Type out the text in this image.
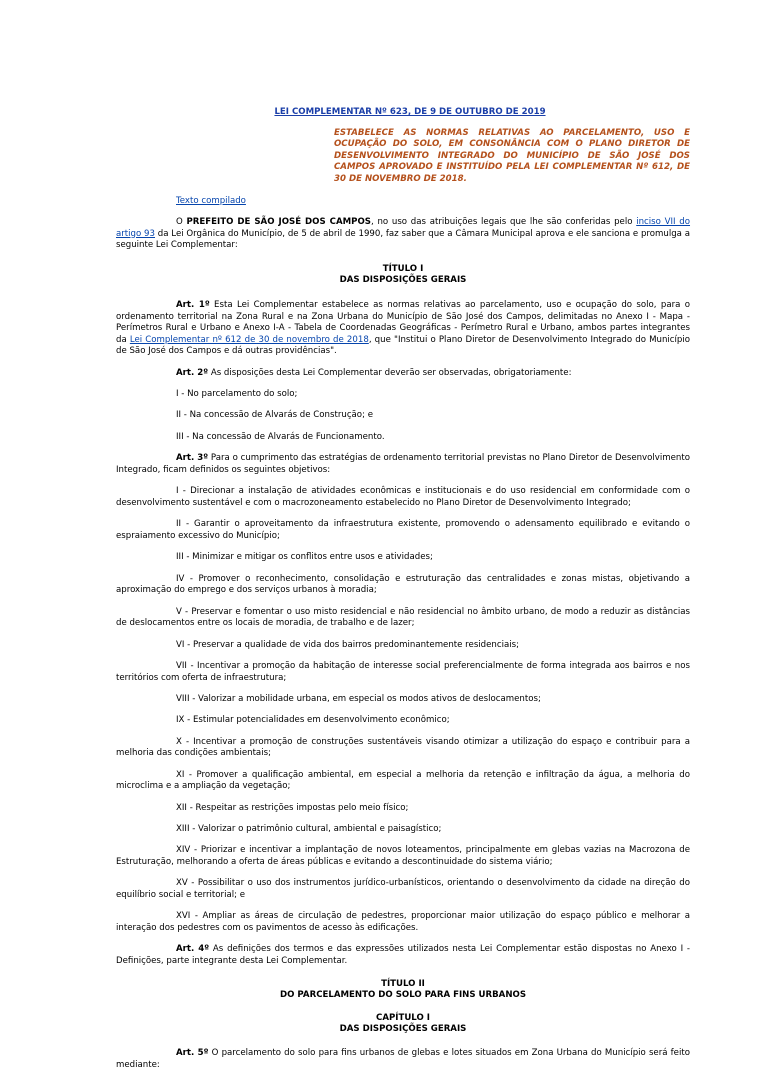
LEI COMPLEMENTAR Nº 623, DE 9 DE OUTUBRO DE 2019

ESTABELECE AS NORMAS RELATIVAS AO PARCELAMENTO, USO E OCUPAÇÃO DO SOLO, EM CONSONÂNCIA COM O PLANO DIRETOR DE DESENVOLVIMENTO INTEGRADO DO MUNICÍPIO DE SÃO JOSÉ DOS CAMPOS APROVADO E INSTITUÍDO PELA LEI COMPLEMENTAR Nº 612, DE 30 DE NOVEMBRO DE 2018.

Texto compilado

O PREFEITO DE SÃO JOSÉ DOS CAMPOS, no uso das atribuições legais que lhe são conferidas pelo inciso VII do artigo 93 da Lei Orgânica do Município, de 5 de abril de 1990, faz saber que a Câmara Municipal aprova e ele sanciona e promulga a seguinte Lei Complementar:

TÍTULO I

DAS DISPOSIÇÕES GERAIS

Art. 1º Esta Lei Complementar estabelece as normas relativas ao parcelamento, uso e ocupação do solo, para o ordenamento territorial na Zona Rural e na Zona Urbana do Município de São José dos Campos, delimitadas no Anexo I - Mapa - Perímetros Rural e Urbano e Anexo I-A - Tabela de Coordenadas Geográficas - Perímetro Rural e Urbano, ambos partes integrantes da Lei Complementar nº 612 de 30 de novembro de 2018, que "Institui o Plano Diretor de Desenvolvimento Integrado do Município de São José dos Campos e dá outras providências".

Art. 2º As disposições desta Lei Complementar deverão ser observadas, obrigatoriamente:

I - No parcelamento do solo;

II - Na concessão de Alvarás de Construção; e

III - Na concessão de Alvarás de Funcionamento.

Art. 3º Para o cumprimento das estratégias de ordenamento territorial previstas no Plano Diretor de Desenvolvimento Integrado, ficam definidos os seguintes objetivos:

I - Direcionar a instalação de atividades econômicas e institucionais e do uso residencial em conformidade com o desenvolvimento sustentável e com o macrozoneamento estabelecido no Plano Diretor de Desenvolvimento Integrado;

II - Garantir o aproveitamento da infraestrutura existente, promovendo o adensamento equilibrado e evitando o espraiamento excessivo do Município;

III - Minimizar e mitigar os conflitos entre usos e atividades;

IV - Promover o reconhecimento, consolidação e estruturação das centralidades e zonas mistas, objetivando a aproximação do emprego e dos serviços urbanos à moradia;

V - Preservar e fomentar o uso misto residencial e não residencial no âmbito urbano, de modo a reduzir as distâncias de deslocamentos entre os locais de moradia, de trabalho e de lazer;

VI - Preservar a qualidade de vida dos bairros predominantemente residenciais;

VII - Incentivar a promoção da habitação de interesse social preferencialmente de forma integrada aos bairros e nos territórios com oferta de infraestrutura;

VIII - Valorizar a mobilidade urbana, em especial os modos ativos de deslocamentos;

IX - Estimular potencialidades em desenvolvimento econômico;

X - Incentivar a promoção de construções sustentáveis visando otimizar a utilização do espaço e contribuir para a melhoria das condições ambientais;

XI - Promover a qualificação ambiental, em especial a melhoria da retenção e infiltração da água, a melhoria do microclima e a ampliação da vegetação;

XII - Respeitar as restrições impostas pelo meio físico;

XIII - Valorizar o patrimônio cultural, ambiental e paisagístico;

XIV - Priorizar e incentivar a implantação de novos loteamentos, principalmente em glebas vazias na Macrozona de Estruturação, melhorando a oferta de áreas públicas e evitando a descontinuidade do sistema viário;

XV - Possibilitar o uso dos instrumentos jurídico-urbanísticos, orientando o desenvolvimento da cidade na direção do equilíbrio social e territorial; e

XVI - Ampliar as áreas de circulação de pedestres, proporcionar maior utilização do espaço público e melhorar a interação dos pedestres com os pavimentos de acesso às edificações.

Art. 4º As definições dos termos e das expressões utilizados nesta Lei Complementar estão dispostas no Anexo I - Definições, parte integrante desta Lei Complementar.

TÍTULO II

DO PARCELAMENTO DO SOLO PARA FINS URBANOS

CAPÍTULO I

DAS DISPOSIÇÕES GERAIS

Art. 5º O parcelamento do solo para fins urbanos de glebas e lotes situados em Zona Urbana do Município será feito mediante:
